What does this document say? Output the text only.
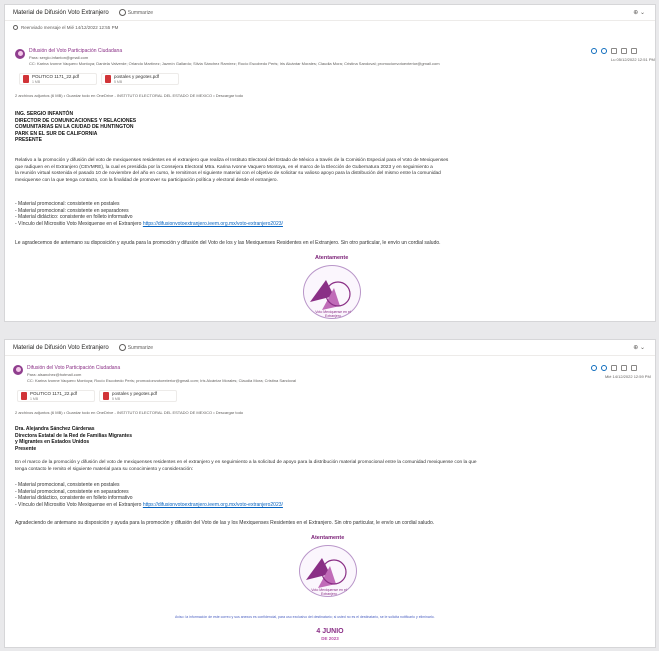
Material de Difusión Voto Extranjero	Summarize	⊕ ⌄
Reenviado mensaje el Mié 14/12/2022 12:55 PM
Difusión del Voto Participación Ciudadana
Para: sergio.infanton@gmail.com
CC: Karina Ivonne Vaquero Montoya; Daniela Valverde; Orlando Martínez; Jazmín Gallardo; Silvia Sánchez Ramírez; Rocío Escobedo Peris; Iris Alcántar Morales; Claudia Mora; Cristina Sandoval; promocionvotoexterior@gmail.com
Lu 05/12/2022 12:51 PM
POLITICO 1171_22.pdf
1 MB
postales y pegotes.pdf
5 MB
2 archivos adjuntos (6 MB) • Guardar todo en OneDrive - INSTITUTO ELECTORAL DEL ESTADO DE MEXICO • Descargar todo
ING. SERGIO INFANTÓN
DIRECTOR DE COMUNICACIONES Y RELACIONES
COMUNITARIAS EN LA CIUDAD DE HUNTINGTON
PARK EN EL SUR DE CALIFORNIA
PRESENTE
Relativo a la promoción y difusión del voto de mexiquenses residentes en el extranjero que realiza el Instituto Electoral del Estado de México a través de la Comisión Especial para el Voto de Mexiquenses
que radiquen en el Extranjero (CEVMRE), la cual es presidida por la Consejera Electoral Mtra. Karina Ivonne Vaquero Montoya, en el marco de la Elección de Gubernatura 2023 y en seguimiento a
la reunión virtual sostenida el pasado 10 de noviembre del año en curso, le remitimos el siguiente material con el objetivo de solicitar su valioso apoyo para la distribución del mismo entre la comunidad
mexiquense con la que tenga contacto, con la finalidad de promover su participación política y electoral desde el extranjero.
- Material promocional: consistente en postales
- Material promocional: consistente en separadores
- Material didáctico: consistente en folleto informativo
- Vínculo del Micrositio Voto Mexiquense en el Extranjero https://difusionvotoextranjero.ieem.org.mx/voto-extranjero2023/
Le agradecemos de antemano su disposición y ayuda para la promoción y difusión del Voto de los y las Mexiquenses Residentes en el Extranjero. Sin otro particular, le envío un cordial saludo.
Atentamente
Voto Mexiquense en el Extranjero
Material de Difusión Voto Extranjero	Summarize	⊕ ⌄
Difusión del Voto Participación Ciudadana
Para: alsanchez@hotmail.com
CC: Karina Ivonne Vaquero Montoya; Rocío Escobedo Peris; promocionvotoexterior@gmail.com; Iris Alcántar Morales; Claudia Mora; Cristina Sandoval
Mié 14/12/2022 12:59 PM
POLITICO 1171_22.pdf
1 MB
postales y pegotes.pdf
5 MB
2 archivos adjuntos (6 MB) • Guardar todo en OneDrive - INSTITUTO ELECTORAL DEL ESTADO DE MEXICO • Descargar todo
Dra. Alejandra Sánchez Cárdenas
Directora Estatal de la Red de Familias Migrantes
y Migrantes en Estados Unidos
Presente
En el marco de la promoción y difusión del voto de mexiquenses residentes en el extranjero y en seguimiento a la solicitud de apoyo para la distribución material promocional entre la comunidad mexiquense con la que
tenga contacto le remito el siguiente material para su conocimiento y consideración:
- Material promocional, consistente en postales
- Material promocional, consistente en separadores
- Material didáctico, consistente en folleto informativo
- Vínculo del Micrositio Voto Mexiquense en el Extranjero https://difusionvotoextranjero.ieem.org.mx/voto-extranjero2023/
Agradeciendo de antemano su disposición y ayuda para la promoción y difusión del Voto de las y los Mexiquenses Residentes en el Extranjero. Sin otro particular, le envío un cordial saludo.
Atentamente
Voto Mexiquense en el Extranjero
Aviso: la información de este correo y sus anexos es confidencial, para uso exclusivo del destinatario; si usted no es el destinatario, se le solicita notificarlo y eliminarlo.
4 JUNIO
DE 2023
